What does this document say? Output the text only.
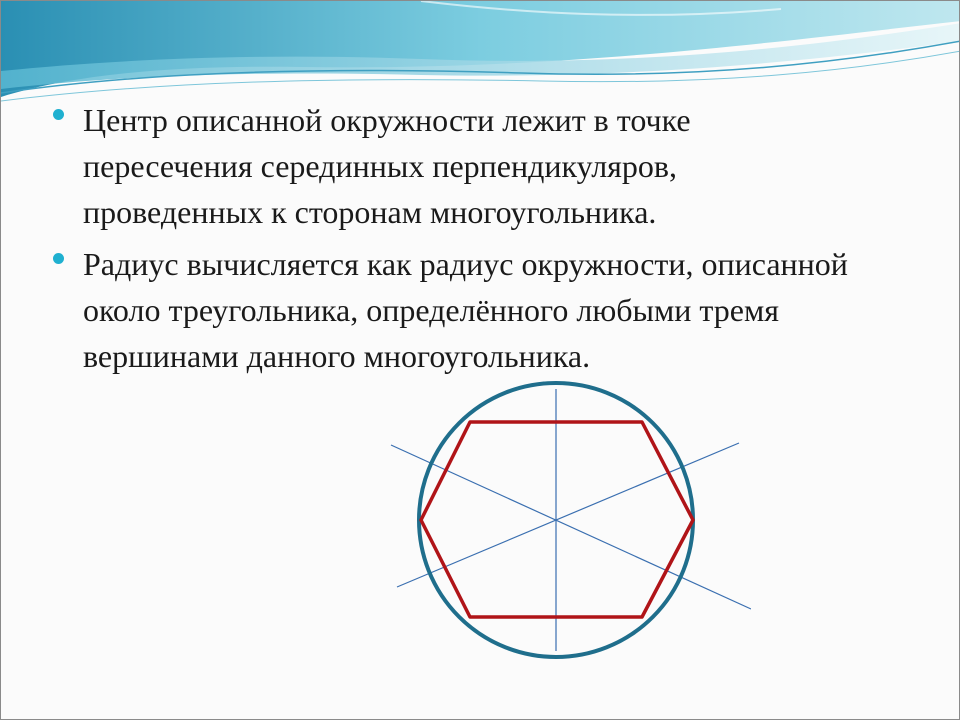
Центр описанной окружности лежит в точке пересечения серединных перпендикуляров, проведенных к сторонам многоугольника.
Радиус вычисляется как радиус окружности, описанной около треугольника, определённого любыми тремя вершинами данного многоугольника.
